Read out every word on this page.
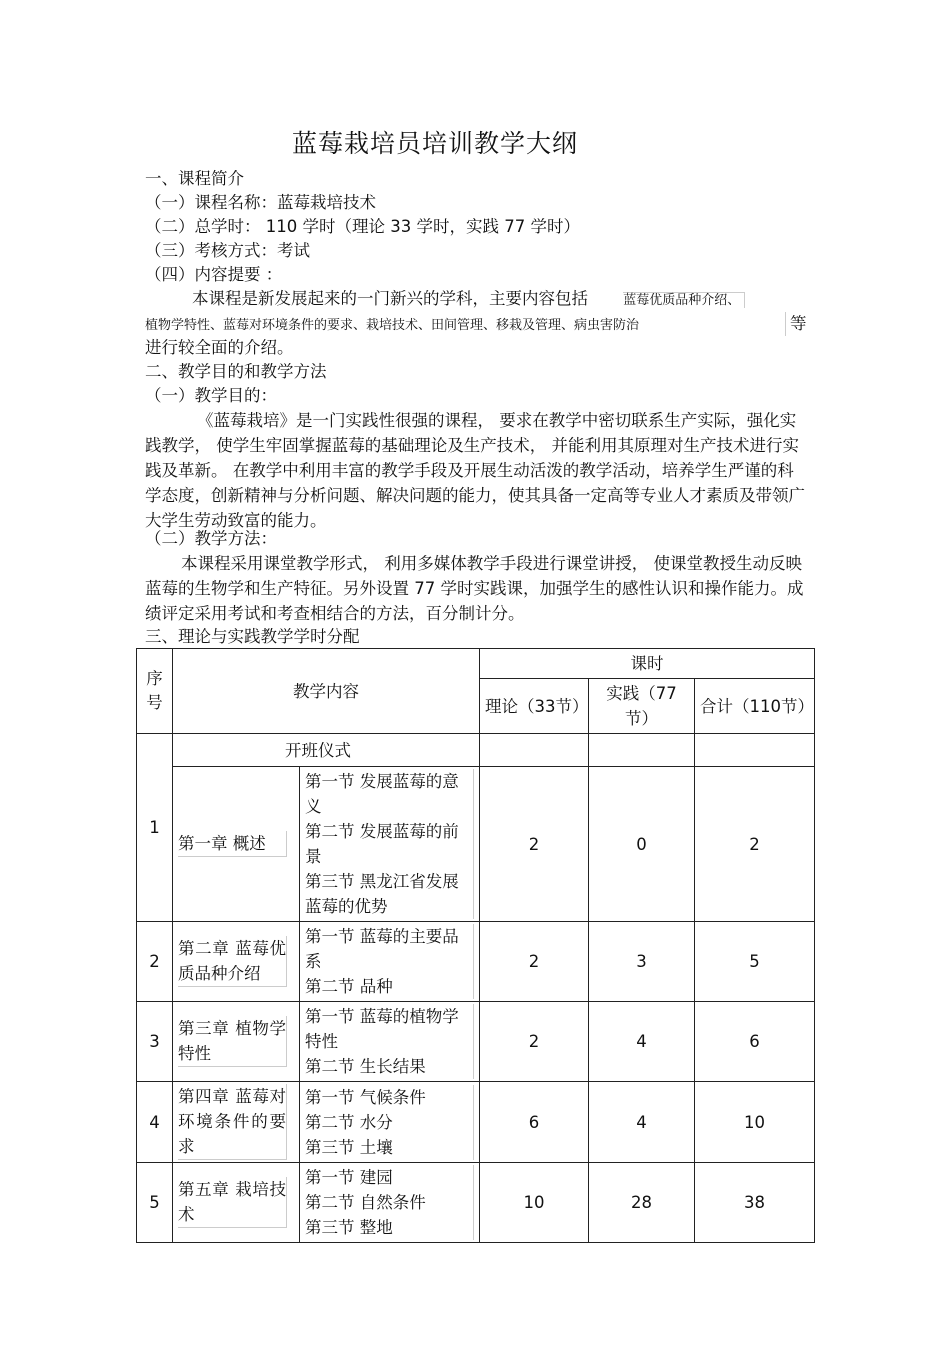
蓝莓栽培员培训教学大纲
一、课程简介
（一）课程名称：蓝莓栽培技术
（二）总学时： 110 学时（理论 33 学时，实践 77 学时）
（三）考核方式：考试
（四）内容提要 ：
本课程是新发展起来的一门新兴的学科，主要内容包括	蓝莓优质品种介绍、
植物学特性、蓝莓对环境条件的要求、栽培技术、田间管理、移栽及管理、病虫害防治	等
进行较全面的介绍。
二、教学目的和教学方法
（一）教学目的：
《蓝莓栽培》是一门实践性很强的课程， 要求在教学中密切联系生产实际，强化实践教学， 使学生牢固掌握蓝莓的基础理论及生产技术， 并能利用其原理对生产技术进行实践及革新。 在教学中利用丰富的教学手段及开展生动活泼的教学活动，培养学生严谨的科学态度，创新精神与分析问题、解决问题的能力，使其具备一定高等专业人才素质及带领广大学生劳动致富的能力。
（二）教学方法：
本课程采用课堂教学形式， 利用多媒体教学手段进行课堂讲授， 使课堂教授生动反映蓝莓的生物学和生产特征。另外设置 77 学时实践课，加强学生的感性认识和操作能力。成绩评定采用考试和考查相结合的方法，百分制计分。
三、理论与实践教学学时分配
序号	教学内容		课时		
			理论（33节）	实践（77节）	合计（110节）
1	开班仪式				
	第一章 概述	第一节 发展蓝莓的意义
第二节 发展蓝莓的前景
第三节 黑龙江省发展蓝莓的优势	2	0	2
2	第二章 蓝莓优质品种介绍	第一节 蓝莓的主要品系
第二节 品种	2	3	5
3	第三章 植物学特性	第一节 蓝莓的植物学特性
第二节 生长结果	2	4	6
4	第四章 蓝莓对环境条件的要求	第一节 气候条件
第二节 水分
第三节 土壤	6	4	10
5	第五章 栽培技术	第一节 建园
第二节 自然条件
第三节 整地	10	28	38
